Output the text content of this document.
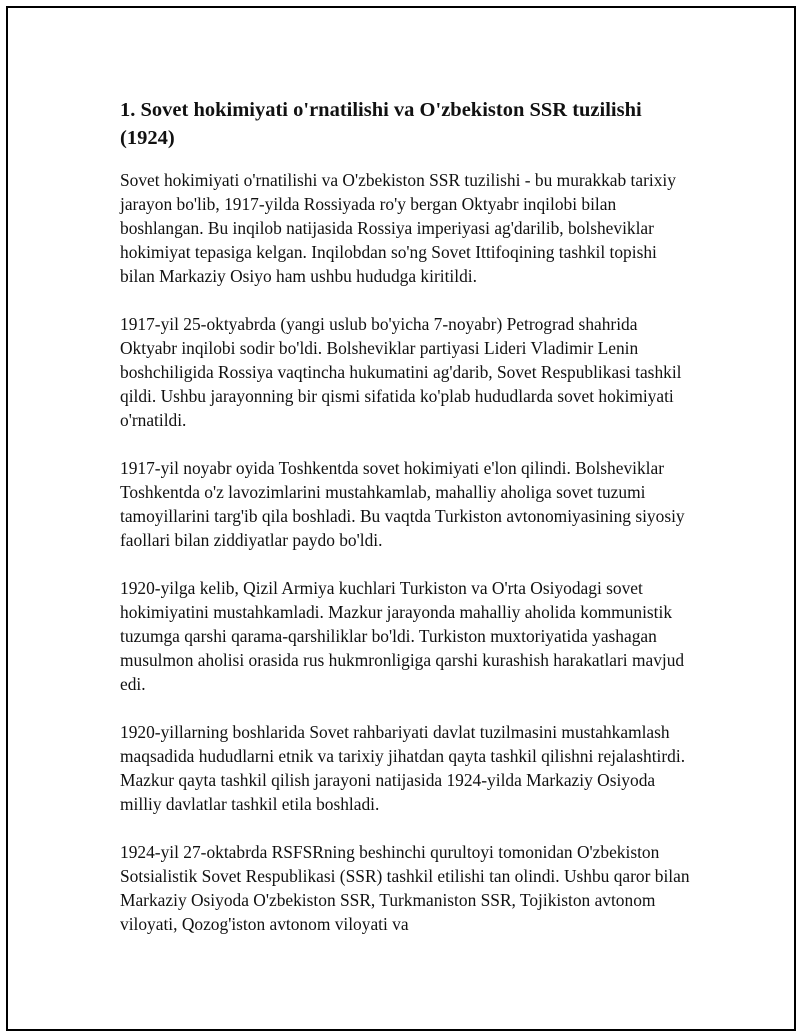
1. Sovet hokimiyati o'rnatilishi va O'zbekiston SSR tuzilishi (1924)

Sovet hokimiyati o'rnatilishi va O'zbekiston SSR tuzilishi - bu murakkab tarixiy jarayon bo'lib, 1917-yilda Rossiyada ro'y bergan Oktyabr inqilobi bilan boshlangan. Bu inqilob natijasida Rossiya imperiyasi ag'darilib, bolsheviklar hokimiyat tepasiga kelgan. Inqilobdan so'ng Sovet Ittifoqining tashkil topishi bilan Markaziy Osiyo ham ushbu hududga kiritildi.

1917-yil 25-oktyabrda (yangi uslub bo'yicha 7-noyabr) Petrograd shahrida Oktyabr inqilobi sodir bo'ldi. Bolsheviklar partiyasi Lideri Vladimir Lenin boshchiligida Rossiya vaqtincha hukumatini ag'darib, Sovet Respublikasi tashkil qildi. Ushbu jarayonning bir qismi sifatida ko'plab hududlarda sovet hokimiyati o'rnatildi.

1917-yil noyabr oyida Toshkentda sovet hokimiyati e'lon qilindi. Bolsheviklar Toshkentda o'z lavozimlarini mustahkamlab, mahalliy aholiga sovet tuzumi tamoyillarini targ'ib qila boshladi. Bu vaqtda Turkiston avtonomiyasining siyosiy faollari bilan ziddiyatlar paydo bo'ldi.

1920-yilga kelib, Qizil Armiya kuchlari Turkiston va O'rta Osiyodagi sovet hokimiyatini mustahkamladi. Mazkur jarayonda mahalliy aholida kommunistik tuzumga qarshi qarama-qarshiliklar bo'ldi. Turkiston muxtoriyatida yashagan musulmon aholisi orasida rus hukmronligiga qarshi kurashish harakatlari mavjud edi.

1920-yillarning boshlarida Sovet rahbariyati davlat tuzilmasini mustahkamlash maqsadida hududlarni etnik va tarixiy jihatdan qayta tashkil qilishni rejalashtirdi. Mazkur qayta tashkil qilish jarayoni natijasida 1924-yilda Markaziy Osiyoda milliy davlatlar tashkil etila boshladi.

1924-yil 27-oktabrda RSFSRning beshinchi qurultoyi tomonidan O'zbekiston Sotsialistik Sovet Respublikasi (SSR) tashkil etilishi tan olindi. Ushbu qaror bilan Markaziy Osiyoda O'zbekiston SSR, Turkmaniston SSR, Tojikiston avtonom viloyati, Qozog'iston avtonom viloyati va
